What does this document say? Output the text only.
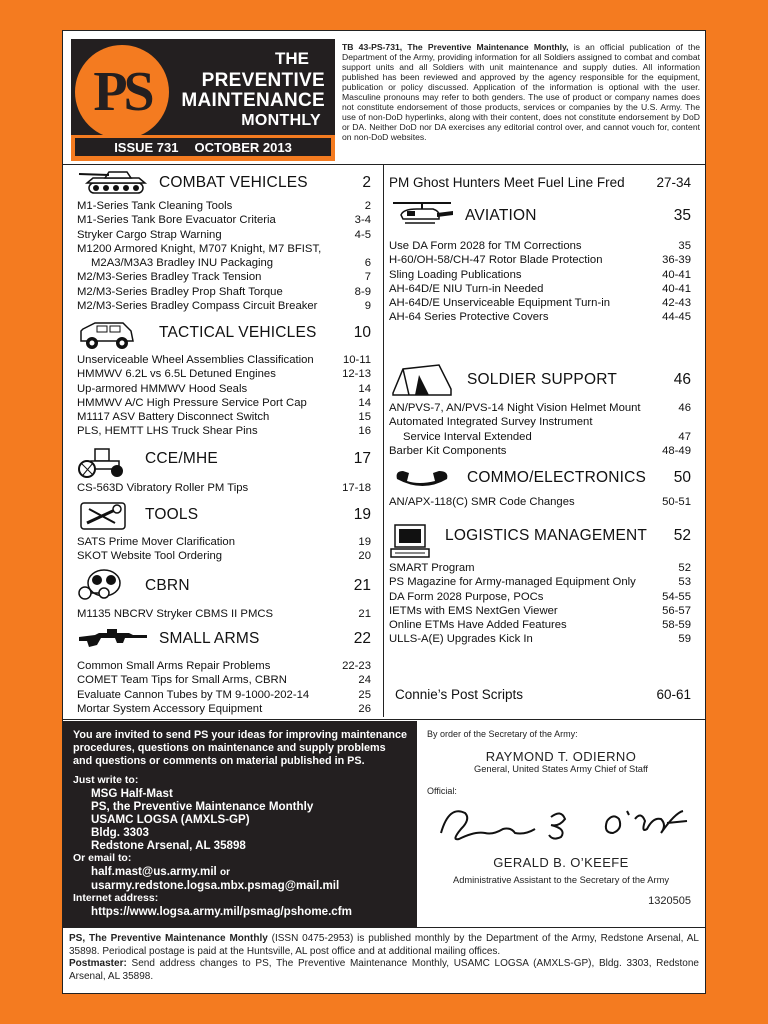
PS
THE
PREVENTIVE
MAINTENANCE
MONTHLY
ISSUE 731 OCTOBER 2013
TB 43-PS-731, The Preventive Maintenance Monthly, is an official publication of the Department of the Army, providing information for all Soldiers assigned to combat and combat support units and all Soldiers with unit maintenance and supply duties. All information published has been reviewed and approved by the agency responsible for the equipment, publication or policy discussed. Application of the information is optional with the user. Masculine pronouns may refer to both genders. The use of product or company names does not constitute endorsement of those products, services or companies by the U.S. Army. The use of non-DoD hyperlinks, along with their content, does not constitute endorsement by DoD or DA. Neither DoD nor DA exercises any editorial control over, and cannot vouch for, content on non-DoD websites.
COMBAT VEHICLES	2
M1-Series Tank Cleaning Tools	2
M1-Series Tank Bore Evacuator Criteria	3-4
Stryker Cargo Strap Warning	4-5
M1200 Armored Knight, M707 Knight, M7 BFIST,
M2A3/M3A3 Bradley INU Packaging	6
M2/M3-Series Bradley Track Tension	7
M2/M3-Series Bradley Prop Shaft Torque	8-9
M2/M3-Series Bradley Compass Circuit Breaker	9
TACTICAL VEHICLES 10
Unserviceable Wheel Assemblies Classification	10-11
HMMWV 6.2L vs 6.5L Detuned Engines	12-13
Up-armored HMMWV Hood Seals	14
HMMWV A/C High Pressure Service Port Cap	14
M1117 ASV Battery Disconnect Switch	15
PLS, HEMTT LHS Truck Shear Pins	16
CCE/MHE	17
CS-563D Vibratory Roller PM Tips	17-18
TOOLS	19
SATS Prime Mover Clarification	19
SKOT Website Tool Ordering	20
CBRN	21
M1135 NBCRV Stryker CBMS II PMCS	21
SMALL ARMS	22
Common Small Arms Repair Problems	22-23
COMET Team Tips for Small Arms, CBRN	24
Evaluate Cannon Tubes by TM 9-1000-202-14	25
Mortar System Accessory Equipment	26
PM Ghost Hunters Meet Fuel Line Fred 27-34
AVIATION	35
Use DA Form 2028 for TM Corrections	35
H-60/OH-58/CH-47 Rotor Blade Protection	36-39
Sling Loading Publications	40-41
AH-64D/E NIU Turn-in Needed	40-41
AH-64D/E Unserviceable Equipment Turn-in	42-43
AH-64 Series Protective Covers	44-45
SOLDIER SUPPORT	46
AN/PVS-7, AN/PVS-14 Night Vision Helmet Mount	46
Automated Integrated Survey Instrument
Service Interval Extended	47
Barber Kit Components	48-49
COMMO/ELECTRONICS 50
AN/APX-118(C) SMR Code Changes	50-51
LOGISTICS MANAGEMENT 52
SMART Program	52
PS Magazine for Army-managed Equipment Only	53
DA Form 2028 Purpose, POCs	54-55
IETMs with EMS NextGen Viewer	56-57
Online ETMs Have Added Features	58-59
ULLS-A(E) Upgrades Kick In	59
Connie’s Post Scripts	60-61
You are invited to send PS your ideas for improving maintenance procedures, questions on maintenance and supply problems and questions or comments on material published in PS.
Just write to:
MSG Half-Mast
PS, the Preventive Maintenance Monthly
USAMC LOGSA (AMXLS-GP)
Bldg. 3303
Redstone Arsenal, AL 35898
Or email to:
half.mast@us.army.mil or
usarmy.redstone.logsa.mbx.psmag@mail.mil
Internet address:
https://www.logsa.army.mil/psmag/pshome.cfm
By order of the Secretary of the Army:
RAYMOND T. ODIERNO
General, United States Army Chief of Staff
Official:
GERALD B. O’KEEFE
Administrative Assistant to the Secretary of the Army
1320505
PS, The Preventive Maintenance Monthly (ISSN 0475-2953) is published monthly by the Department of the Army, Redstone Arsenal, AL 35898. Periodical postage is paid at the Huntsville, AL post office and at additional mailing offices.
Postmaster: Send address changes to PS, The Preventive Maintenance Monthly, USAMC LOGSA (AMXLS-GP), Bldg. 3303, Redstone Arsenal, AL 35898.
